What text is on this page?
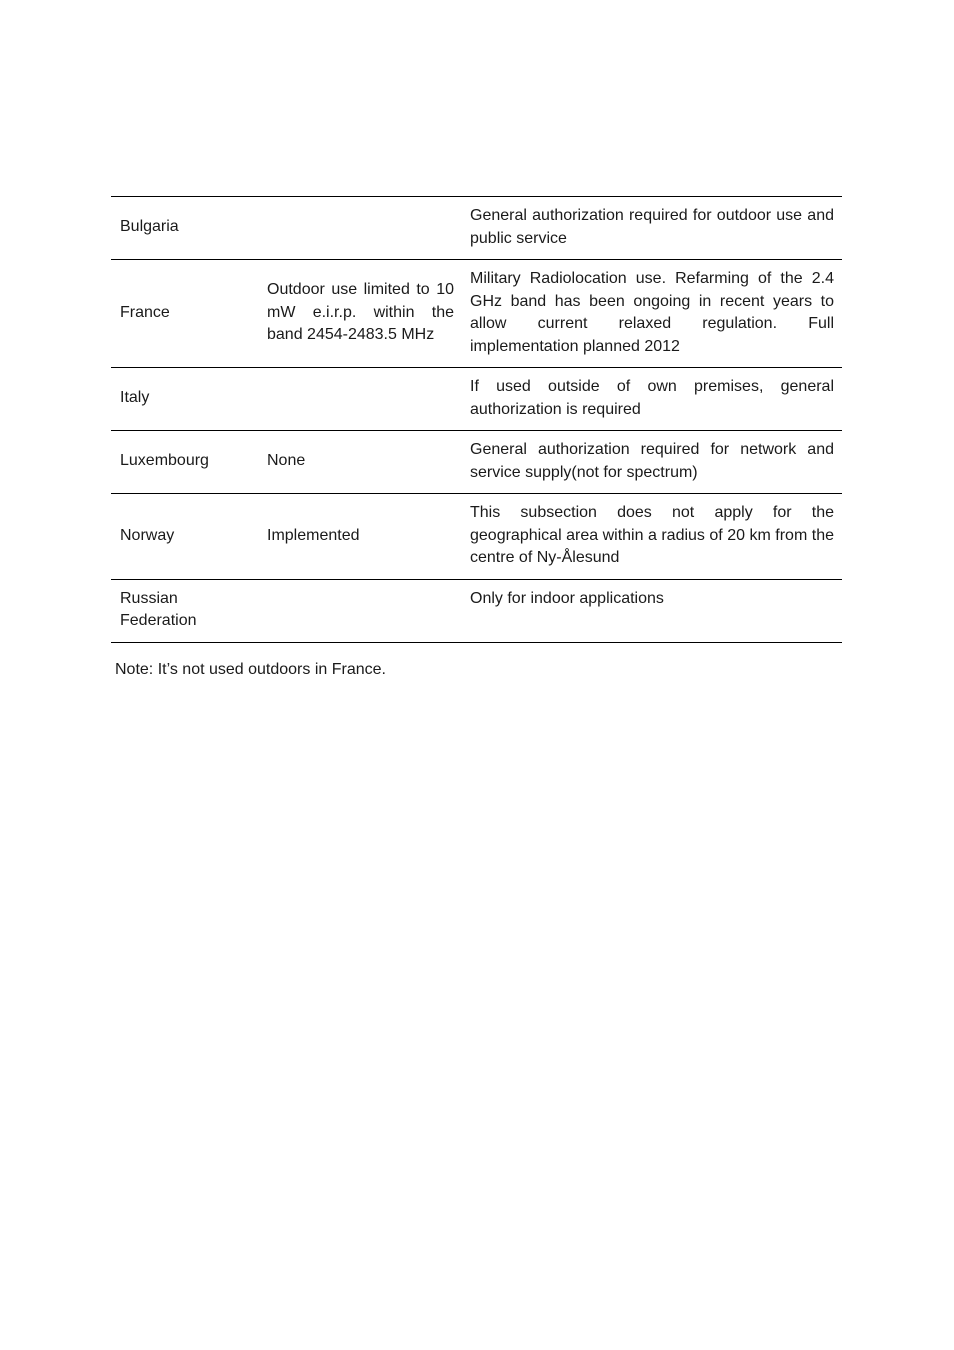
Bulgaria		General authorization required for outdoor use and public service
France	Outdoor use limited to 10 mW e.i.r.p. within the band 2454-2483.5 MHz	Military Radiolocation use. Refarming of the 2.4 GHz band has been ongoing in recent years to allow current relaxed regulation. Full implementation planned 2012
Italy		If used outside of own premises, general authorization is required
Luxembourg	None	General authorization required for network and service supply(not for spectrum)
Norway	Implemented	This subsection does not apply for the geographical area within a radius of 20 km from the centre of Ny-Ålesund
Russian Federation		Only for indoor applications
Note: It’s not used outdoors in France.
